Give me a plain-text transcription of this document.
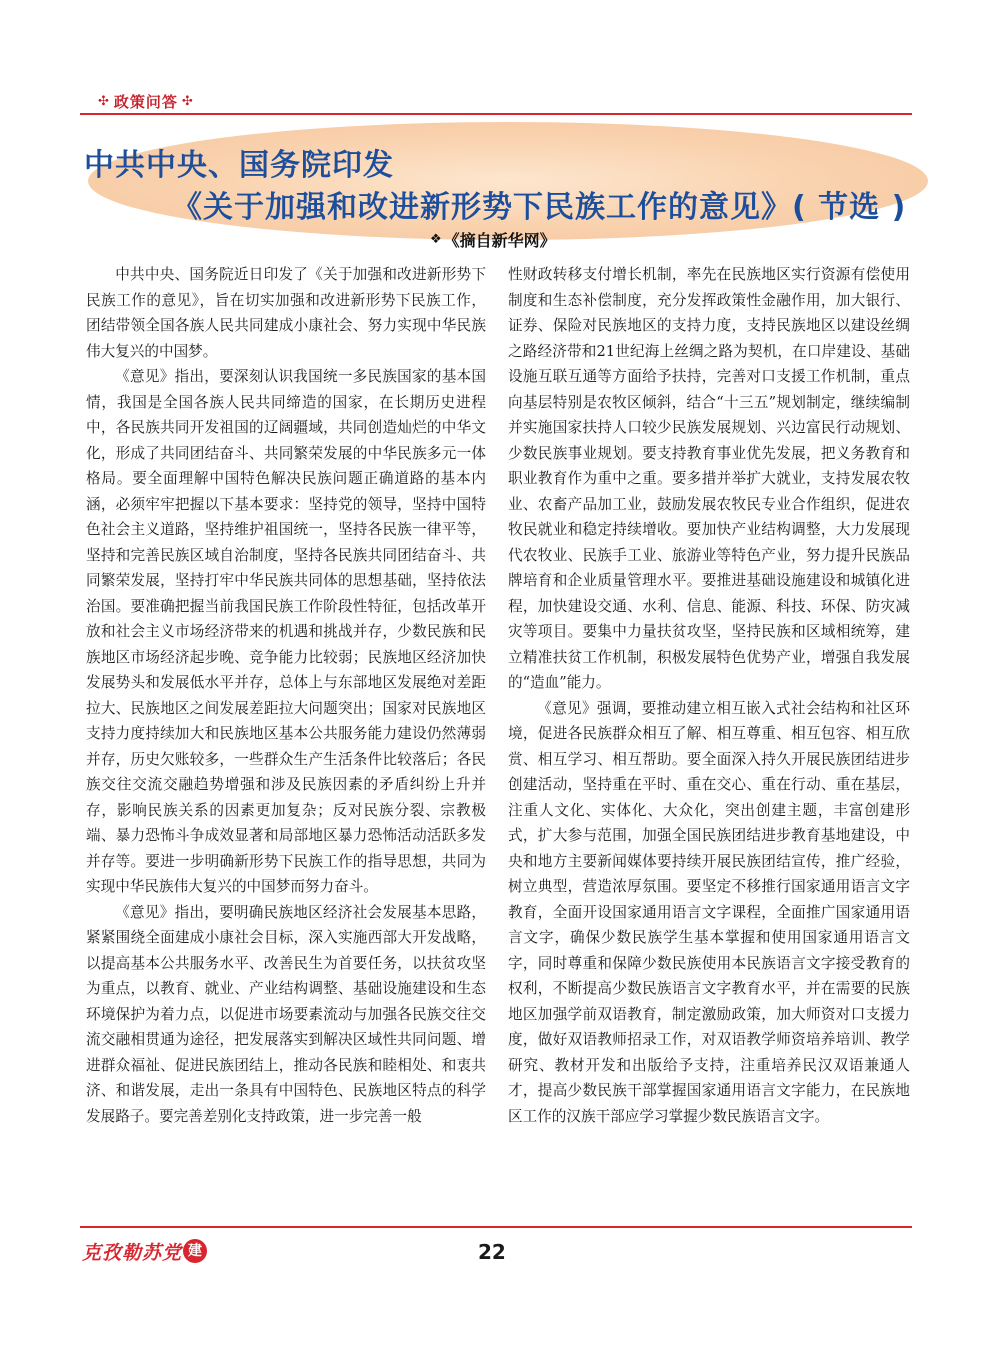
✣ 政策问答 ✣
中共中央、国务院印发
《关于加强和改进新形势下民族工作的意见》( 节选 )
❖ 《摘自新华网》

中共中央、国务院近日印发了《关于加强和改进新形势下民族工作的意见》，旨在切实加强和改进新形势下民族工作，团结带领全国各族人民共同建成小康社会、努力实现中华民族伟大复兴的中国梦。

《意见》指出，要深刻认识我国统一多民族国家的基本国情，我国是全国各族人民共同缔造的国家，在长期历史进程中，各民族共同开发祖国的辽阔疆域，共同创造灿烂的中华文化，形成了共同团结奋斗、共同繁荣发展的中华民族多元一体格局。要全面理解中国特色解决民族问题正确道路的基本内涵，必须牢牢把握以下基本要求：坚持党的领导，坚持中国特色社会主义道路，坚持维护祖国统一，坚持各民族一律平等，坚持和完善民族区域自治制度，坚持各民族共同团结奋斗、共同繁荣发展，坚持打牢中华民族共同体的思想基础，坚持依法治国。要准确把握当前我国民族工作阶段性特征，包括改革开放和社会主义市场经济带来的机遇和挑战并存，少数民族和民族地区市场经济起步晚、竞争能力比较弱；民族地区经济加快发展势头和发展低水平并存，总体上与东部地区发展绝对差距拉大、民族地区之间发展差距拉大问题突出；国家对民族地区支持力度持续加大和民族地区基本公共服务能力建设仍然薄弱并存，历史欠账较多，一些群众生产生活条件比较落后；各民族交往交流交融趋势增强和涉及民族因素的矛盾纠纷上升并存，影响民族关系的因素更加复杂；反对民族分裂、宗教极端、暴力恐怖斗争成效显著和局部地区暴力恐怖活动活跃多发并存等。要进一步明确新形势下民族工作的指导思想，共同为实现中华民族伟大复兴的中国梦而努力奋斗。

《意见》指出，要明确民族地区经济社会发展基本思路，紧紧围绕全面建成小康社会目标，深入实施西部大开发战略，以提高基本公共服务水平、改善民生为首要任务，以扶贫攻坚为重点，以教育、就业、产业结构调整、基础设施建设和生态环境保护为着力点，以促进市场要素流动与加强各民族交往交流交融相贯通为途径，把发展落实到解决区域性共同问题、增进群众福祉、促进民族团结上，推动各民族和睦相处、和衷共济、和谐发展，走出一条具有中国特色、民族地区特点的科学发展路子。要完善差别化支持政策，进一步完善一般

性财政转移支付增长机制，率先在民族地区实行资源有偿使用制度和生态补偿制度，充分发挥政策性金融作用，加大银行、证券、保险对民族地区的支持力度，支持民族地区以建设丝绸之路经济带和21世纪海上丝绸之路为契机，在口岸建设、基础设施互联互通等方面给予扶持，完善对口支援工作机制，重点向基层特别是农牧区倾斜，结合“十三五”规划制定，继续编制并实施国家扶持人口较少民族发展规划、兴边富民行动规划、少数民族事业规划。要支持教育事业优先发展，把义务教育和职业教育作为重中之重。要多措并举扩大就业，支持发展农牧业、农畜产品加工业，鼓励发展农牧民专业合作组织，促进农牧民就业和稳定持续增收。要加快产业结构调整，大力发展现代农牧业、民族手工业、旅游业等特色产业，努力提升民族品牌培育和企业质量管理水平。要推进基础设施建设和城镇化进程，加快建设交通、水利、信息、能源、科技、环保、防灾减灾等项目。要集中力量扶贫攻坚，坚持民族和区域相统筹，建立精准扶贫工作机制，积极发展特色优势产业，增强自我发展的“造血”能力。

《意见》强调，要推动建立相互嵌入式社会结构和社区环境，促进各民族群众相互了解、相互尊重、相互包容、相互欣赏、相互学习、相互帮助。要全面深入持久开展民族团结进步创建活动，坚持重在平时、重在交心、重在行动、重在基层，注重人文化、实体化、大众化，突出创建主题，丰富创建形式，扩大参与范围，加强全国民族团结进步教育基地建设，中央和地方主要新闻媒体要持续开展民族团结宣传，推广经验，树立典型，营造浓厚氛围。要坚定不移推行国家通用语言文字教育，全面开设国家通用语言文字课程，全面推广国家通用语言文字，确保少数民族学生基本掌握和使用国家通用语言文字，同时尊重和保障少数民族使用本民族语言文字接受教育的权利，不断提高少数民族语言文字教育水平，并在需要的民族地区加强学前双语教育，制定激励政策，加大师资对口支援力度，做好双语教师招录工作，对双语教学师资培养培训、教学研究、教材开发和出版给予支持，注重培养民汉双语兼通人才，提高少数民族干部掌握国家通用语言文字能力，在民族地区工作的汉族干部应学习掌握少数民族语言文字。

克孜勒苏 党 建	22
